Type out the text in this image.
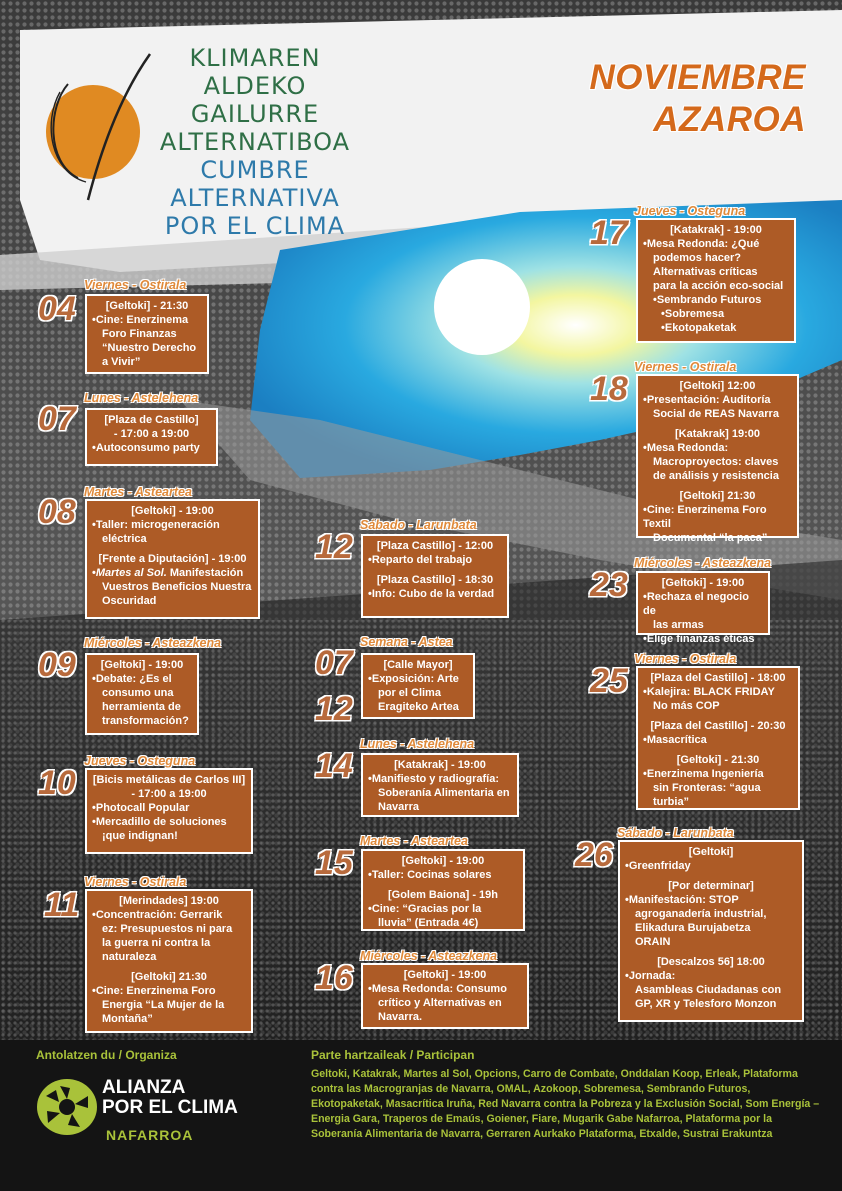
KLIMAREN
ALDEKO GAILURRE
ALTERNATIBOA
CUMBRE
ALTERNATIVA
POR EL CLIMA
NOVIEMBRE
AZAROA
Viernes - Ostirala
04	[Geltoki] - 21:30

•Cine: Enerzinema

Foro Finanzas

“Nuestro Derecho

a Vivir”

Lunes - Astelehena
07	[Plaza de Castillo]

- 17:00 a 19:00

•Autoconsumo party

Martes - Asteartea
08	[Geltoki] - 19:00

•Taller: microgeneración

eléctrica

[Frente a Diputación] - 19:00

•Martes al Sol. Manifestación

Vuestros Beneficios Nuestra

Oscuridad

Miércoles - Asteazkena
09	[Geltoki] - 19:00

•Debate: ¿Es el

consumo una

herramienta de

transformación?

Jueves - Osteguna
10 [Bicis metálicas de Carlos III]

- 17:00 a 19:00

•Photocall Popular

•Mercadillo de soluciones

¡que indignan!

Viernes - Ostirala
11	[Merindades] 19:00

•Concentración: Gerrarik

ez: Presupuestos ni para

la guerra ni contra la

naturaleza

[Geltoki] 21:30

•Cine: Enerzinema Foro

Energia “La Mujer de la

Montaña”

Sábado - Larunbata
12	[Plaza Castillo] - 12:00

•Reparto del trabajo

[Plaza Castillo] - 18:30

•Info: Cubo de la verdad

Semana - Astea
07
12

[Calle Mayor]

•Exposición: Arte

por el Clima

Eragiteko Artea

Lunes - Astelehena
14	[Katakrak] - 19:00

•Manifiesto y radiografía:

Soberanía Alimentaria en

Navarra

Martes - Asteartea
15	[Geltoki] - 19:00

•Taller: Cocinas solares

[Golem Baiona] - 19h

•Cine: “Gracias por la

lluvia” (Entrada 4€)

Miércoles - Asteazkena
16	[Geltoki] - 19:00

•Mesa Redonda: Consumo

crítico y Alternativas en

Navarra.

Jueves - Osteguna
17	[Katakrak] - 19:00

•Mesa Redonda: ¿Qué

podemos hacer?

Alternativas críticas

para la acción eco-social

•Sembrando Futuros

•Sobremesa

•Ekotopaketak

Viernes - Ostirala
18	[Geltoki] 12:00

•Presentación: Auditoría

Social de REAS Navarra

[Katakrak] 19:00

•Mesa Redonda:

Macroproyectos: claves

de análisis y resistencia

[Geltoki] 21:30

•Cine: Enerzinema Foro Textil

Documental “la paca”

Miércoles - Asteazkena
23	[Geltoki] - 19:00

•Rechaza el negocio de

las armas

•Elige finanzas éticas

Viernes - Ostirala
25	[Plaza del Castillo] - 18:00

•Kalejira: BLACK FRIDAY

No más COP

[Plaza del Castillo] - 20:30

•Masacrítica

[Geltoki] - 21:30

•Enerzinema Ingeniería

sin Fronteras: “agua

turbia”

Sábado - Larunbata
26	[Geltoki]

•Greenfriday

[Por determinar]

•Manifestación: STOP

agroganadería industrial,

Elikadura Burujabetza

ORAIN

[Descalzos 56] 18:00

•Jornada:

Asambleas Ciudadanas con

GP, XR y Telesforo Monzon

Antolatzen du / Organiza	Parte hartzaileak / Participan
Geltoki, Katakrak, Martes al Sol, Opcions, Carro de Combate, Onddalan Koop, Erleak, Plataforma contra las Macrogranjas de Navarra, OMAL, Azokoop, Sobremesa, Sembrando Futuros, Ekotopaketak, Masacrítica Iruña, Red Navarra contra la Pobreza y la Exclusión Social, Som Energía – Energia Gara, Traperos de Emaús, Goiener, Fiare, Mugarik Gabe Nafarroa, Plataforma por la Soberanía Alimentaria de Navarra, Gerraren Aurkako Plataforma, Etxalde, Sustrai Erakuntza
ALIANZA
POR EL CLIMA
NAFARROA
